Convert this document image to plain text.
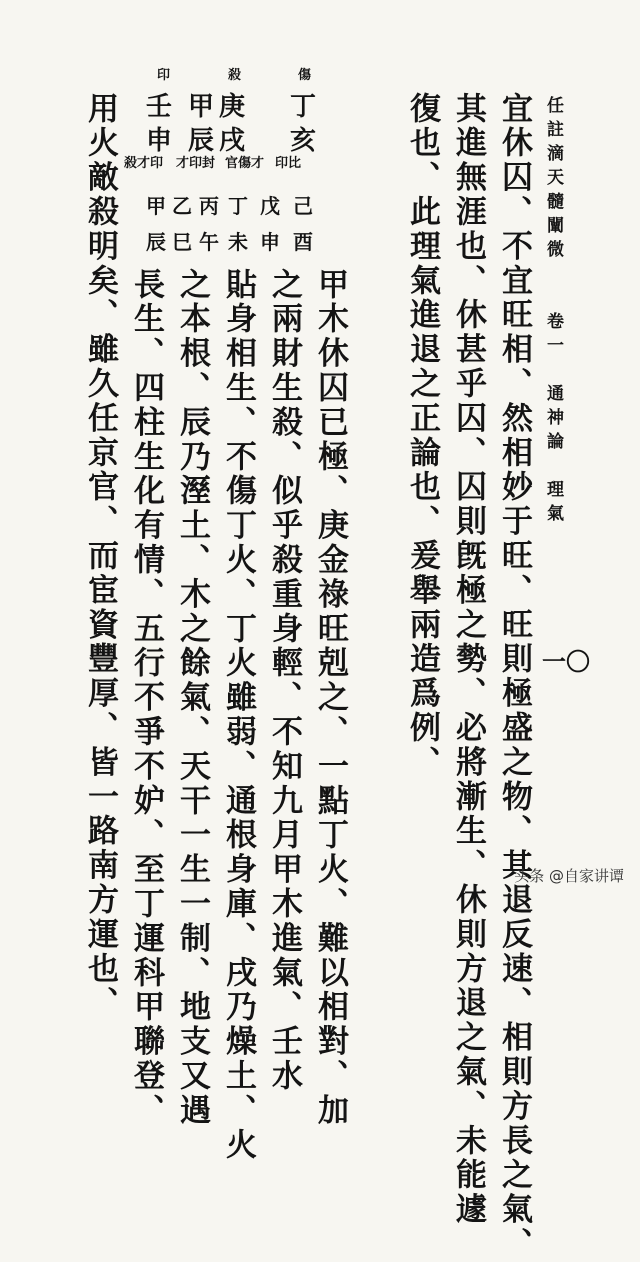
任註滴天髓闡微　　卷一　通神論　理氣
一〇
宜休囚、不宜旺相、然相妙于旺、旺則極盛之物、其退反速、相則方長之氣、
其進無涯也、休甚乎囚、囚則旣極之勢、必將漸生、休則方退之氣、未能遽
復也、此理氣進退之正論也、爰舉兩造爲例、
傷
殺
印
丁
庚
甲
壬
亥
戌
辰
申
印比
官傷才
才印封
殺才印
己
戊
丁
丙
乙
甲
酉
申
未
午
巳
辰
甲木休囚已極、庚金祿旺剋之、一點丁火、難以相對、加
之兩財生殺、似乎殺重身輕、不知九月甲木進氣、壬水
貼身相生、不傷丁火、丁火雖弱、通根身庫、戌乃燥土、火
之本根、辰乃溼土、木之餘氣、天干一生一制、地支又遇
長生、四柱生化有情、五行不爭不妒、至丁運科甲聯登、
用火敵殺明矣、雖久任京官、而宦資豐厚、皆一路南方運也、	头条 @自家讲谭
